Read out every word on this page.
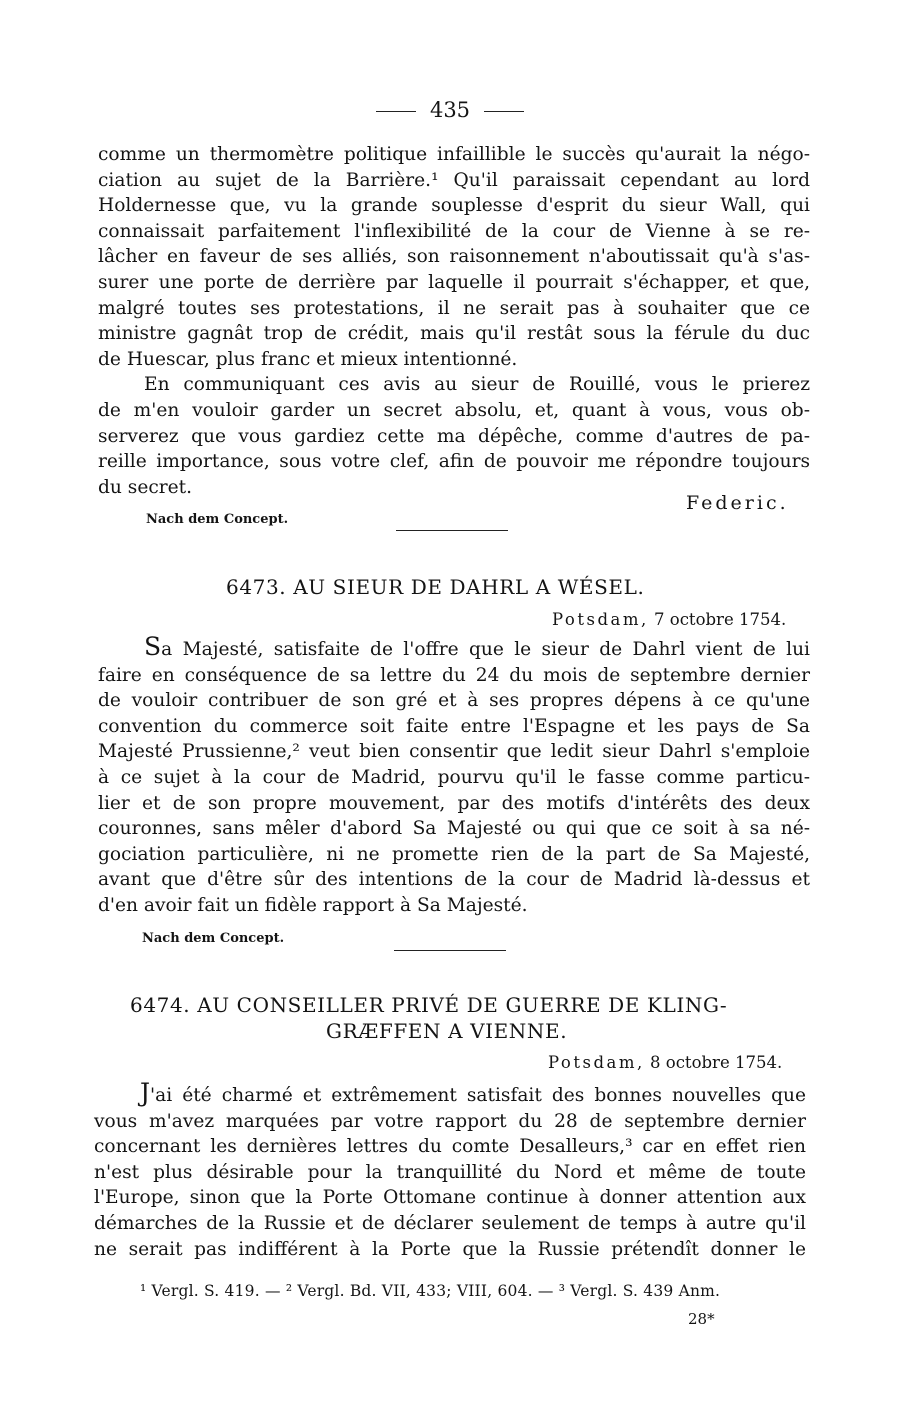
435

comme un thermomètre politique infaillible le succès qu'aurait la négo-

ciation au sujet de la Barrière.¹ Qu'il paraissait cependant au lord

Holdernesse que, vu la grande souplesse d'esprit du sieur Wall, qui

connaissait parfaitement l'inflexibilité de la cour de Vienne à se re-

lâcher en faveur de ses alliés, son raisonnement n'aboutissait qu'à s'as-

surer une porte de derrière par laquelle il pourrait s'échapper, et que,

malgré toutes ses protestations, il ne serait pas à souhaiter que ce

ministre gagnât trop de crédit, mais qu'il restât sous la férule du duc

de Huescar, plus franc et mieux intentionné.

En communiquant ces avis au sieur de Rouillé, vous le prierez

de m'en vouloir garder un secret absolu, et, quant à vous, vous ob-

serverez que vous gardiez cette ma dépêche, comme d'autres de pa-

reille importance, sous votre clef, afin de pouvoir me répondre toujours

du secret.

Federic.
Nach dem Concept.
6473. AU SIEUR DE DAHRL A WÉSEL.
Potsdam, 7 octobre 1754.

Sa Majesté, satisfaite de l'offre que le sieur de Dahrl vient de lui

faire en conséquence de sa lettre du 24 du mois de septembre dernier

de vouloir contribuer de son gré et à ses propres dépens à ce qu'une

convention du commerce soit faite entre l'Espagne et les pays de Sa

Majesté Prussienne,² veut bien consentir que ledit sieur Dahrl s'emploie

à ce sujet à la cour de Madrid, pourvu qu'il le fasse comme particu-

lier et de son propre mouvement, par des motifs d'intérêts des deux

couronnes, sans mêler d'abord Sa Majesté ou qui que ce soit à sa né-

gociation particulière, ni ne promette rien de la part de Sa Majesté,

avant que d'être sûr des intentions de la cour de Madrid là-dessus et

d'en avoir fait un fidèle rapport à Sa Majesté.

Nach dem Concept.
6474. AU CONSEILLER PRIVÉ DE GUERRE DE KLING-
GRÆFFEN A VIENNE.
Potsdam, 8 octobre 1754.

J'ai été charmé et extrêmement satisfait des bonnes nouvelles que

vous m'avez marquées par votre rapport du 28 de septembre dernier

concernant les dernières lettres du comte Desalleurs,³ car en effet rien

n'est plus désirable pour la tranquillité du Nord et même de toute

l'Europe, sinon que la Porte Ottomane continue à donner attention aux

démarches de la Russie et de déclarer seulement de temps à autre qu'il

ne serait pas indifférent à la Porte que la Russie prétendît donner le

¹ Vergl. S. 419. — ² Vergl. Bd. VII, 433; VIII, 604. — ³ Vergl. S. 439 Anm.
28*
